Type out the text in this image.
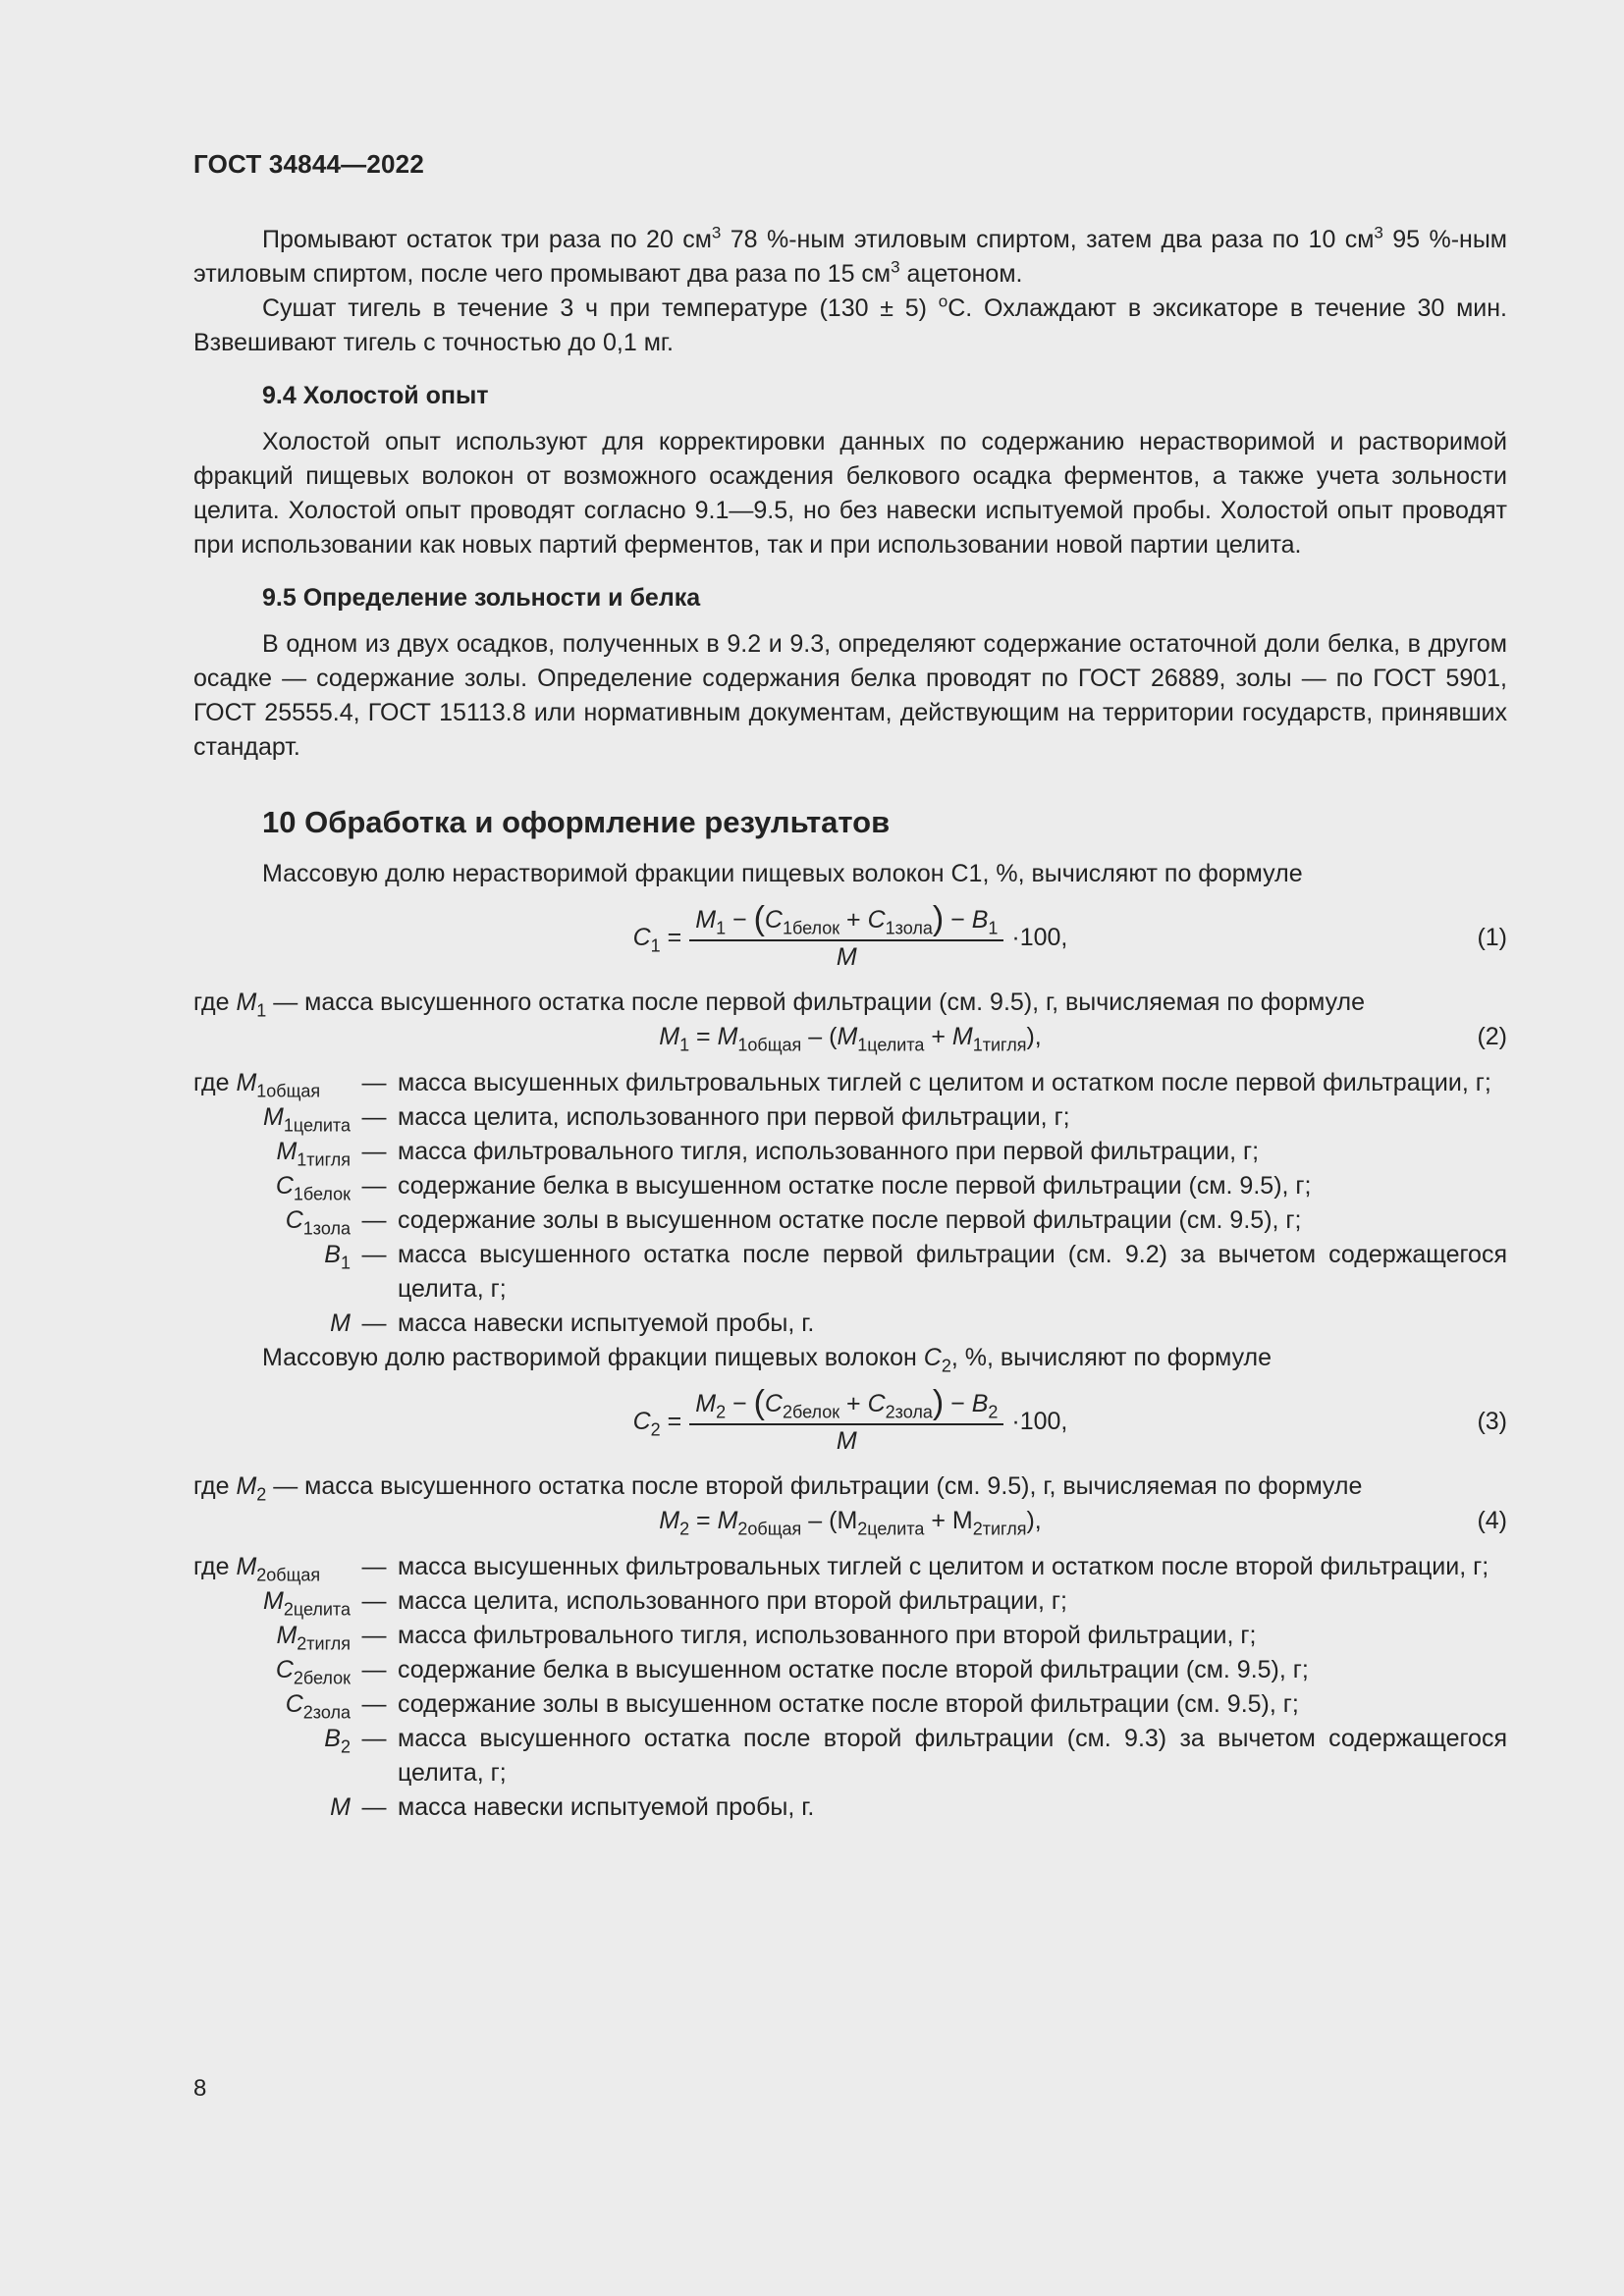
ГОСТ 34844—2022

Промывают остаток три раза по 20 $см^3$ 78 %-ным этиловым спиртом, затем два раза по 10 $см^3$ 95 %-ным этиловым спиртом, после чего промывают два раза по 15 $см^3$ ацетоном.

Сушат тигель в течение 3 ч при температуре (130 ± 5) $^о$С. Охлаждают в эксикаторе в течение 30 мин. Взвешивают тигель с точностью до 0,1 мг.

9.4 Холостой опыт

Холостой опыт используют для корректировки данных по содержанию нерастворимой и растворимой фракций пищевых волокон от возможного осаждения белкового осадка ферментов, а также учета зольности целита. Холостой опыт проводят согласно 9.1—9.5, но без навески испытуемой пробы. Холостой опыт проводят при использовании как новых партий ферментов, так и при использовании новой партии целита.

9.5 Определение зольности и белка

В одном из двух осадков, полученных в 9.2 и 9.3, определяют содержание остаточной доли белка, в другом осадке — содержание золы. Определение содержания белка проводят по ГОСТ 26889, золы — по ГОСТ 5901, ГОСТ 25555.4, ГОСТ 15113.8 или нормативным документам, действующим на территории государств, принявших стандарт.

10 Обработка и оформление результатов

Массовую долю нерастворимой фракции пищевых волокон С1, %, вычисляют по формуле

$C_1 = \frac{M_1 - (C_{1белок} + C_{1зола}) - B_1}{M} \cdot 100$,	(1)

где $M_1$ — масса высушенного остатка после первой фильтрации (см. 9.5), г, вычисляемая по формуле

$M_1 = M_{1общая} - (M_{1целита} + M_{1тигля})$,	(2)
где $M_{1общая}$	— масса высушенных фильтровальных тиглей с целитом и остатком после первой фильтрации, г;
$M_{1целита}$ — масса целита, использованного при первой фильтрации, г;
$M_{1тигля}$ — масса фильтровального тигля, использованного при первой фильтрации, г;
$C_{1белок}$ — содержание белка в высушенном остатке после первой фильтрации (см. 9.5), г;
$C_{1зола}$ — содержание золы в высушенном остатке после первой фильтрации (см. 9.5), г;
$B_1$ — масса высушенного остатка после первой фильтрации (см. 9.2) за вычетом содержащегося целита, г;
M — масса навески испытуемой пробы, г.

Массовую долю растворимой фракции пищевых волокон $C_2$, %, вычисляют по формуле

$C_2 = \frac{M_2 - (C_{2белок} + C_{2зола}) - B_2}{M} \cdot 100$,	(3)

где $M_2$ — масса высушенного остатка после второй фильтрации (см. 9.5), г, вычисляемая по формуле

$M_2 = M_{2общая} - (M_{2целита} + M_{2тигля})$,	(4)
где $M_{2общая}$	— масса высушенных фильтровальных тиглей с целитом и остатком после второй фильтрации, г;
$M_{2целита}$ — масса целита, использованного при второй фильтрации, г;
$M_{2тигля}$ — масса фильтровального тигля, использованного при второй фильтрации, г;
$C_{2белок}$ — содержание белка в высушенном остатке после второй фильтрации (см. 9.5), г;
$C_{2зола}$ — содержание золы в высушенном остатке после второй фильтрации (см. 9.5), г;
$B_2$ — масса высушенного остатка после второй фильтрации (см. 9.3) за вычетом содержащегося целита, г;
M — масса навески испытуемой пробы, г.
8
